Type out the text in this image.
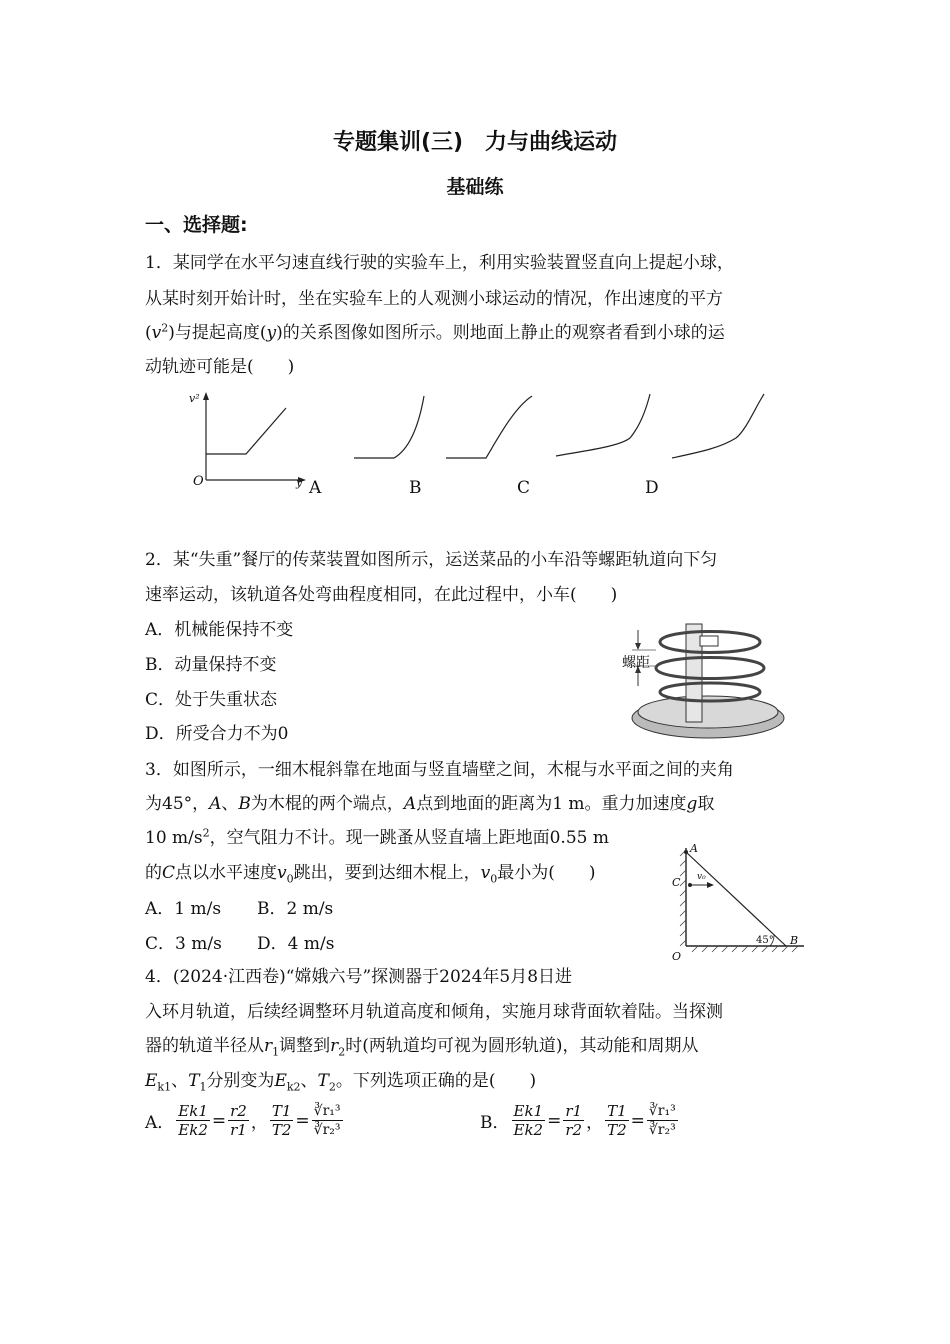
专题集训(三)　力与曲线运动
基础练
一、选择题:
1．某同学在水平匀速直线行驶的实验车上，利用实验装置竖直向上提起小球，
从某时刻开始计时，坐在实验车上的人观测小球运动的情况，作出速度的平方
$(v^2)$与提起高度(y)的关系图像如图所示。则地面上静止的观察者看到小球的运
动轨迹可能是(　　)
v²
O	y A	B	C	D
2．某“失重”餐厅的传菜装置如图所示，运送菜品的小车沿等螺距轨道向下匀
速率运动，该轨道各处弯曲程度相同，在此过程中，小车(　　)
A．机械能保持不变
B．动量保持不变
C．处于失重状态
D．所受合力不为0
螺距
3．如图所示，一细木棍斜靠在地面与竖直墙壁之间，木棍与水平面之间的夹角
为45°，A、B为木棍的两个端点，A点到地面的距离为1 m。重力加速度g取
10 $m/s^2$，空气阻力不计。现一跳蚤从竖直墙上距地面0.55 m
的C点以水平速度$v_0$跳出，要到达细木棍上，$v_0$最小为(　　)
A．1 m/s B．2 m/s
C．3 m/s D．4 m/s
A
C v₀
45° B
O
4．(2024·江西卷)“嫦娥六号”探测器于2024年5月8日进
入环月轨道，后续经调整环月轨道高度和倾角，实施月球背面软着陆。当探测
器的轨道半径从$r_1$调整到$r_2$时(两轨道均可视为圆形轨道)，其动能和周期从
$E_{k1}$、$T_1$分别变为$E_{k2}$、$T_2$。下列选项正确的是(　　)
A． $\frac{Ek1}{Ek2} = \frac{r2}{r1}$ ， $\frac{T1}{T2} = \frac{\text{∛r₁³}}{\text{∛r₂³}}$	B． $\frac{Ek1}{Ek2} = \frac{r1}{r2}$ ， $\frac{T1}{T2} = \frac{\text{∛r₁³}}{\text{∛r₂³}}$
